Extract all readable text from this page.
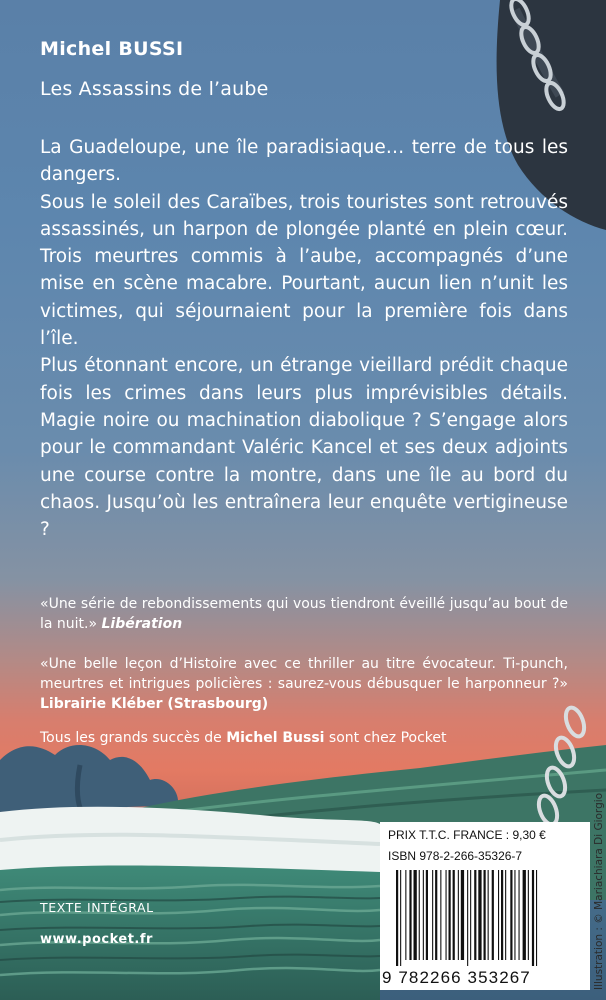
Michel BUSSI
Les Assassins de l’aube

La Guadeloupe, une île paradisiaque… terre de tous les dangers.

Sous le soleil des Caraïbes, trois touristes sont retrouvés assassinés, un harpon de plongée planté en plein cœur. Trois meurtres commis à l’aube, accompagnés d’une mise en scène macabre. Pourtant, aucun lien n’unit les victimes, qui séjournaient pour la première fois dans l’île.

Plus étonnant encore, un étrange vieillard prédit chaque fois les crimes dans leurs plus imprévisibles détails. Magie noire ou machination diabolique ? S’engage alors pour le commandant Valéric Kancel et ses deux adjoints une course contre la montre, dans une île au bord du chaos. Jusqu’où les entraînera leur enquête vertigineuse ?

«Une série de rebondissements qui vous tiendront éveillé jusqu’au bout de la nuit.» Libération
«Une belle leçon d’Histoire avec ce thriller au titre évocateur. Ti-punch, meurtres et intrigues policières : saurez-vous débusquer le harponneur ?» Librairie Kléber (Strasbourg)
Tous les grands succès de Michel Bussi sont chez Pocket
TEXTE INTÉGRAL
www.pocket.fr	Illustration : © Mariachiara Di Giorgio
PRIX T.T.C. FRANCE : 9,30 €
ISBN 978-2-266-35326-7
9 782266 353267
